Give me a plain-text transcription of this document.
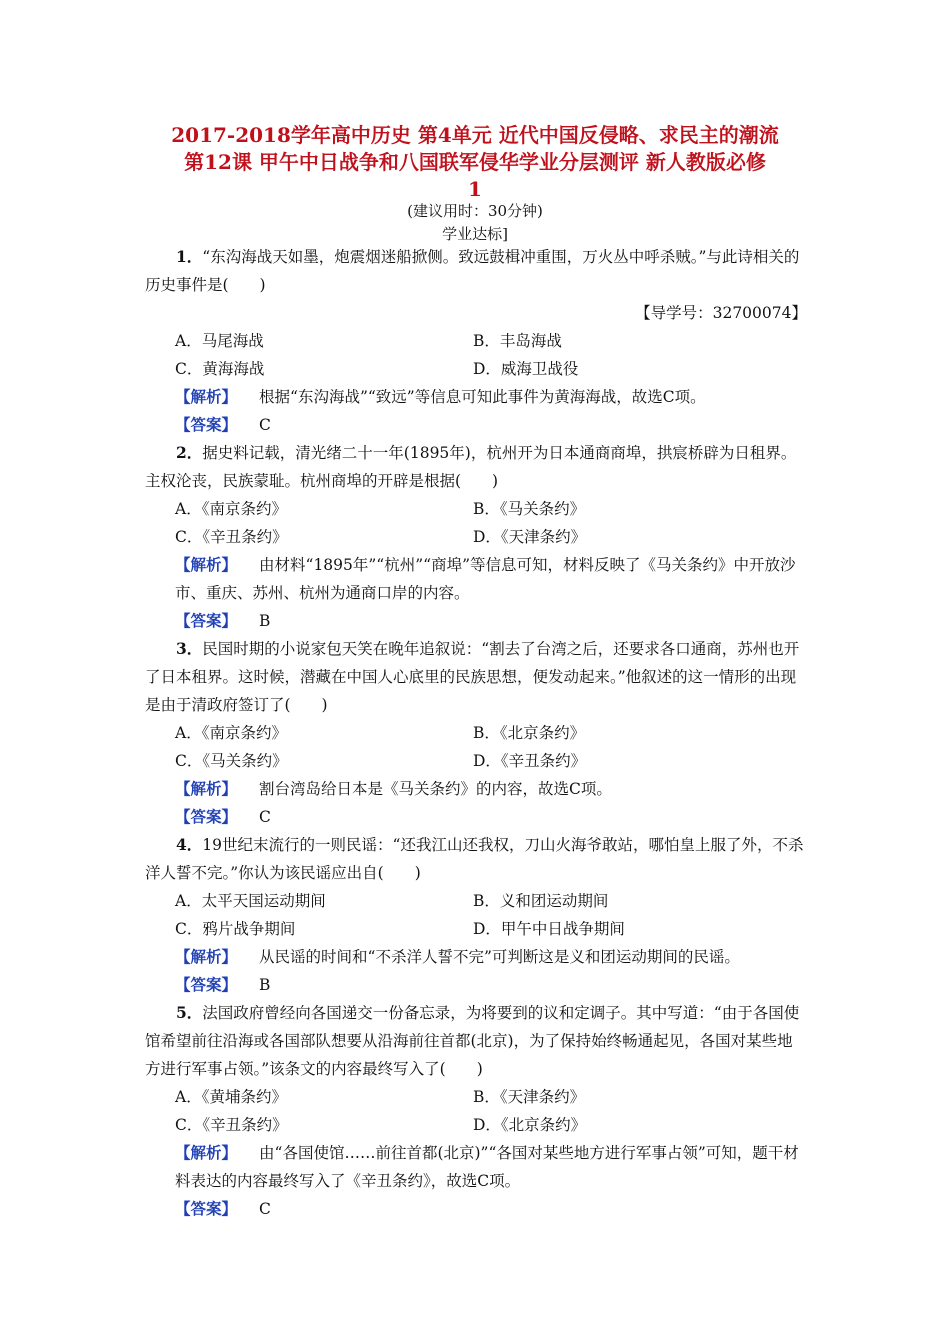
2017-2018学年高中历史 第4单元 近代中国反侵略、求民主的潮流
第12课 甲午中日战争和八国联军侵华学业分层测评 新人教版必修
1
(建议用时：30分钟)
学业达标]

1．“东沟海战天如墨，炮震烟迷船掀侧。致远鼓楫冲重围，万火丛中呼杀贼。”与此诗相关的历史事件是(　　)

【导学号：32700074】

A．马尾海战	B．丰岛海战
C．黄海海战	D．威海卫战役

【解析】 根据“东沟海战”“致远”等信息可知此事件为黄海海战，故选C项。

【答案】 C

2．据史料记载，清光绪二十一年(1895年)，杭州开为日本通商商埠，拱宸桥辟为日租界。主权沦丧，民族蒙耻。杭州商埠的开辟是根据(　　)

A．《南京条约》	B．《马关条约》
C．《辛丑条约》	D．《天津条约》

【解析】 由材料“1895年”“杭州”“商埠”等信息可知，材料反映了《马关条约》中开放沙市、重庆、苏州、杭州为通商口岸的内容。

【答案】 B

3．民国时期的小说家包天笑在晚年追叙说：“割去了台湾之后，还要求各口通商，苏州也开了日本租界。这时候，潜藏在中国人心底里的民族思想，便发动起来。”他叙述的这一情形的出现是由于清政府签订了(　　)

A．《南京条约》	B．《北京条约》
C．《马关条约》	D．《辛丑条约》

【解析】 割台湾岛给日本是《马关条约》的内容，故选C项。

【答案】 C

4．19世纪末流行的一则民谣：“还我江山还我权，刀山火海爷敢站，哪怕皇上服了外，不杀洋人誓不完。”你认为该民谣应出自(　　)

A．太平天国运动期间	B．义和团运动期间
C．鸦片战争期间	D．甲午中日战争期间

【解析】 从民谣的时间和“不杀洋人誓不完”可判断这是义和团运动期间的民谣。

【答案】 B

5．法国政府曾经向各国递交一份备忘录，为将要到的议和定调子。其中写道：“由于各国使馆希望前往沿海或各国部队想要从沿海前往首都(北京)，为了保持始终畅通起见，各国对某些地方进行军事占领。”该条文的内容最终写入了(　　)

A．《黄埔条约》	B．《天津条约》
C．《辛丑条约》	D．《北京条约》

【解析】 由“各国使馆……前往首都(北京)”“各国对某些地方进行军事占领”可知，题干材料表达的内容最终写入了《辛丑条约》，故选C项。

【答案】 C
